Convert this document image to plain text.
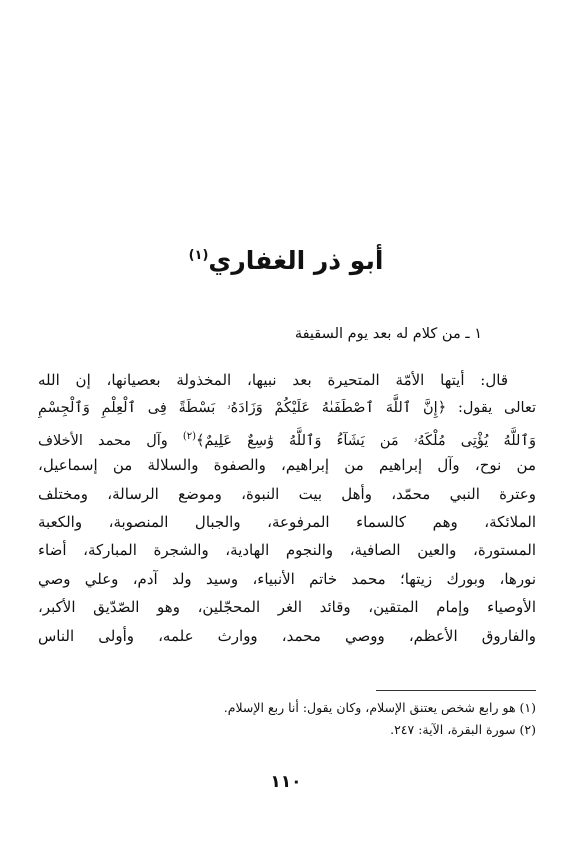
أبو ذر الغفاري$^{(١)}$

١ ـ من كلام له بعد يوم السقيفة

قال: أيتها الأمّة المتحيرة بعد نبيها، المخذولة بعصيانها، إن الله
تعالى يقول: ﴿إِنَّ ٱللَّهَ ٱصْطَفَىٰهُ عَلَيْكُمْ وَزَادَهُۥ بَسْطَةً فِى ٱلْعِلْمِ وَٱلْجِسْمِ
وَٱللَّهُ يُؤْتِى مُلْكَهُۥ مَن يَشَآءُ وَٱللَّهُ وَٰسِعٌ عَلِيمٌ﴾$^{(٢)}$ وآل محمد الأخلاف
من نوح، وآل إبراهيم من إبراهيم، والصفوة والسلالة من إسماعيل،
وعترة النبي محمّد، وأهل بيت النبوة، وموضع الرسالة، ومختلف
الملائكة، وهم كالسماء المرفوعة، والجبال المنصوبة، والكعبة
المستورة، والعين الصافية، والنجوم الهادية، والشجرة المباركة، أضاء
نورها، وبورك زيتها؛ محمد خاتم الأنبياء، وسيد ولد آدم، وعلي وصي
الأوصياء وإمام المتقين، وقائد الغر المحجّلين، وهو الصّدّيق الأكبر،
والفاروق الأعظم، ووصي محمد، ووارث علمه، وأولى الناس
(١) هو رابع شخص يعتنق الإسلام، وكان يقول: أنا ربع الإسلام.
(٢) سورة البقرة، الآية: ٢٤٧.
١١٠
